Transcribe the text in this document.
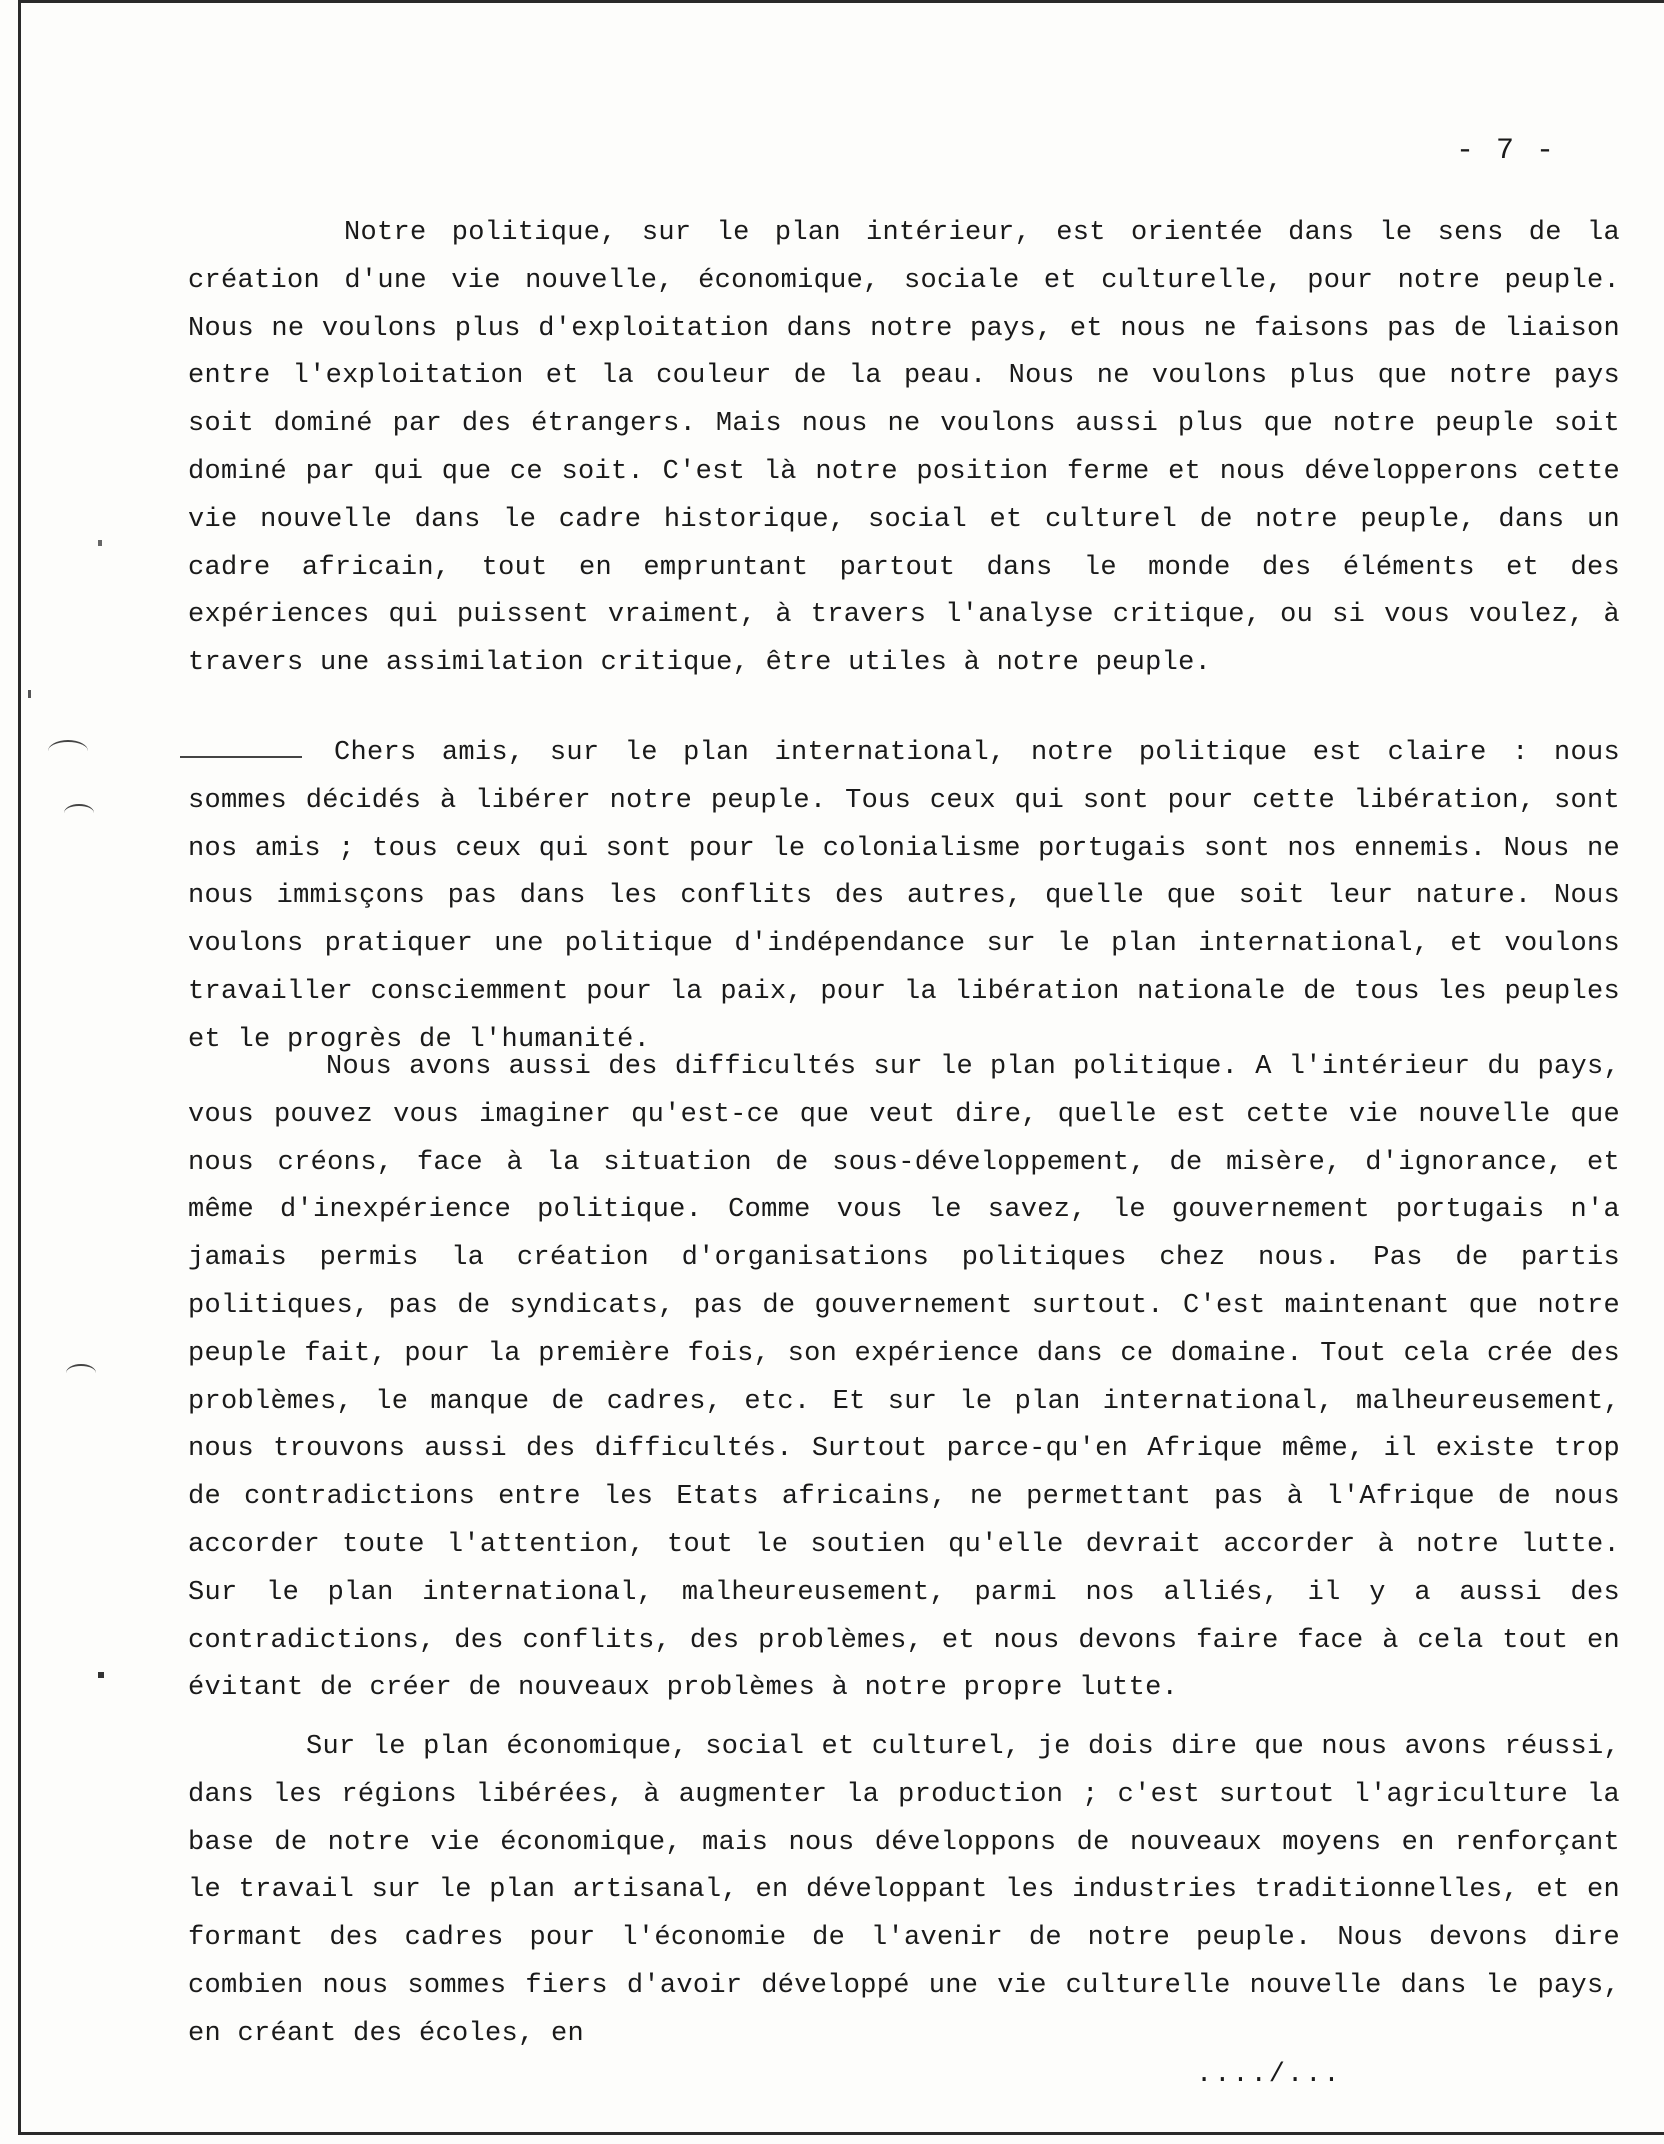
- 7 -

Notre politique, sur le plan intérieur, est orientée dans le sens de la création d'une vie nouvelle, économique, sociale et culturelle, pour notre peuple. Nous ne voulons plus d'exploitation dans notre pays, et nous ne faisons pas de liaison entre l'exploitation et la couleur de la peau. Nous ne voulons plus que notre pays soit dominé par des étrangers. Mais nous ne voulons aussi plus que notre peuple soit dominé par qui que ce soit. C'est là notre position ferme et nous développerons cette vie nouvelle dans le cadre historique, social et culturel de notre peuple, dans un cadre africain, tout en empruntant partout dans le monde des éléments et des expériences qui puissent vraiment, à travers l'analyse critique, ou si vous voulez, à travers une assimilation critique, être utiles à notre peuple.

Chers amis, sur le plan international, notre politique est claire : nous sommes décidés à libérer notre peuple. Tous ceux qui sont pour cette libération, sont nos amis ; tous ceux qui sont pour le colonialisme portugais sont nos ennemis. Nous ne nous immisçons pas dans les conflits des autres, quelle que soit leur nature. Nous voulons pratiquer une politique d'indépendance sur le plan international, et voulons travailler consciemment pour la paix, pour la libération nationale de tous les peuples et le progrès de l'humanité.

Nous avons aussi des difficultés sur le plan politique. A l'intérieur du pays, vous pouvez vous imaginer qu'est-ce que veut dire, quelle est cette vie nouvelle que nous créons, face à la situation de sous-développement, de misère, d'ignorance, et même d'inexpérience politique. Comme vous le savez, le gouvernement portugais n'a jamais permis la création d'organisations politiques chez nous. Pas de partis politiques, pas de syndicats, pas de gouvernement surtout. C'est maintenant que notre peuple fait, pour la première fois, son expérience dans ce domaine. Tout cela crée des problèmes, le manque de cadres, etc. Et sur le plan international, malheureusement, nous trouvons aussi des difficultés. Surtout parce-qu'en Afrique même, il existe trop de contradictions entre les Etats africains, ne permettant pas à l'Afrique de nous accorder toute l'attention, tout le soutien qu'elle devrait accorder à notre lutte. Sur le plan international, malheureusement, parmi nos alliés, il y a aussi des contradictions, des conflits, des problèmes, et nous devons faire face à cela tout en évitant de créer de nouveaux problèmes à notre propre lutte.

Sur le plan économique, social et culturel, je dois dire que nous avons réussi, dans les régions libérées, à augmenter la production ; c'est surtout l'agriculture la base de notre vie économique, mais nous développons de nouveaux moyens en renforçant le travail sur le plan artisanal, en développant les industries traditionnelles, et en formant des cadres pour l'économie de l'avenir de notre peuple. Nous devons dire combien nous sommes fiers d'avoir développé une vie culturelle nouvelle dans le pays, en créant des écoles, en

..../...
